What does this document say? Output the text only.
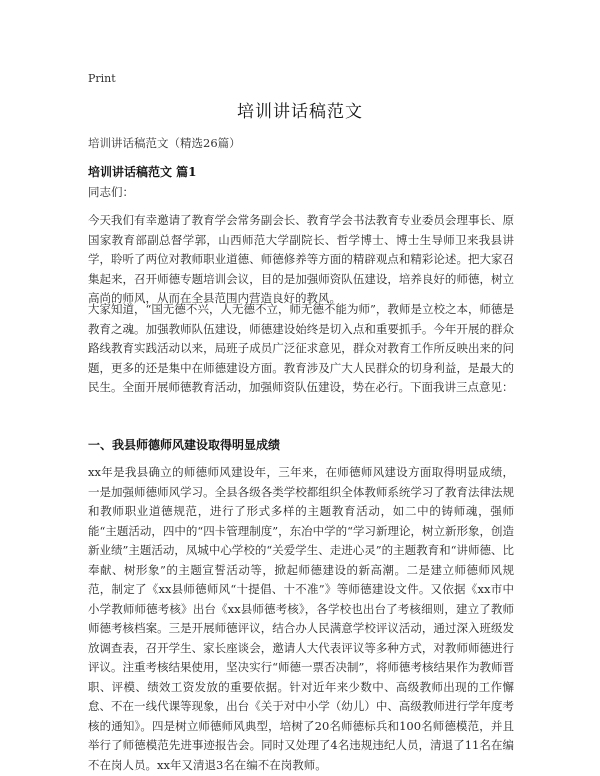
Print
培训讲话稿范文
培训讲话稿范文（精选26篇）
培训讲话稿范文 篇1
同志们：

今天我们有幸邀请了教育学会常务副会长、教育学会书法教育专业委员会理事长、原国家教育部副总督学郭，山西师范大学副院长、哲学博士、博士生导师卫来我县讲学，聆听了两位对教师职业道德、师德修养等方面的精辟观点和精彩论述。把大家召集起来，召开师德专题培训会议，目的是加强师资队伍建设，培养良好的师德，树立高尚的师风，从而在全县范围内营造良好的教风。

大家知道，“国无德不兴，人无德不立，师无德不能为师”，教师是立校之本，师德是教育之魂。加强教师队伍建设，师德建设始终是切入点和重要抓手。今年开展的群众路线教育实践活动以来，局班子成员广泛征求意见，群众对教育工作所反映出来的问题，更多的还是集中在师德建设方面。教育涉及广大人民群众的切身利益，是最大的民生。全面开展师德教育活动，加强师资队伍建设，势在必行。下面我讲三点意见：

一、我县师德师风建设取得明显成绩

xx年是我县确立的师德师风建设年，三年来，在师德师风建设方面取得明显成绩，一是加强师德师风学习。全县各级各类学校都组织全体教师系统学习了教育法律法规和教师职业道德规范，进行了形式多样的主题教育活动，如二中的铸师魂，强师能“主题活动，四中的“四卡管理制度”，东冶中学的“学习新理论，树立新形象，创造新业绩”主题活动，凤城中心学校的“关爱学生、走进心灵”的主题教育和“讲师德、比奉献、树形象”的主题宣誓活动等，掀起师德建设的新高潮。二是建立师德师风规范，制定了《xx县师德师风“十提倡、十不准”》等师德建设文件。又依据《xx市中小学教师师德考核》出台《xx县师德考核》，各学校也出台了考核细则，建立了教师师德考核档案。三是开展师德评议，结合办人民满意学校评议活动，通过深入班级发放调查表，召开学生、家长座谈会，邀请人大代表评议等多种方式，对教师师德进行评议。注重考核结果使用，坚决实行“师德一票否决制”，将师德考核结果作为教师晋职、评模、绩效工资发放的重要依据。针对近年来少数中、高级教师出现的工作懈怠、不在一线代课等现象，出台《关于对中小学（幼儿）中、高级教师进行学年度考核的通知》。四是树立师德师风典型，培树了20名师德标兵和100名师德模范，并且举行了师德模范先进事迹报告会。同时又处理了4名违规违纪人员，清退了11名在编不在岗人员。xx年又清退3名在编不在岗教师。
